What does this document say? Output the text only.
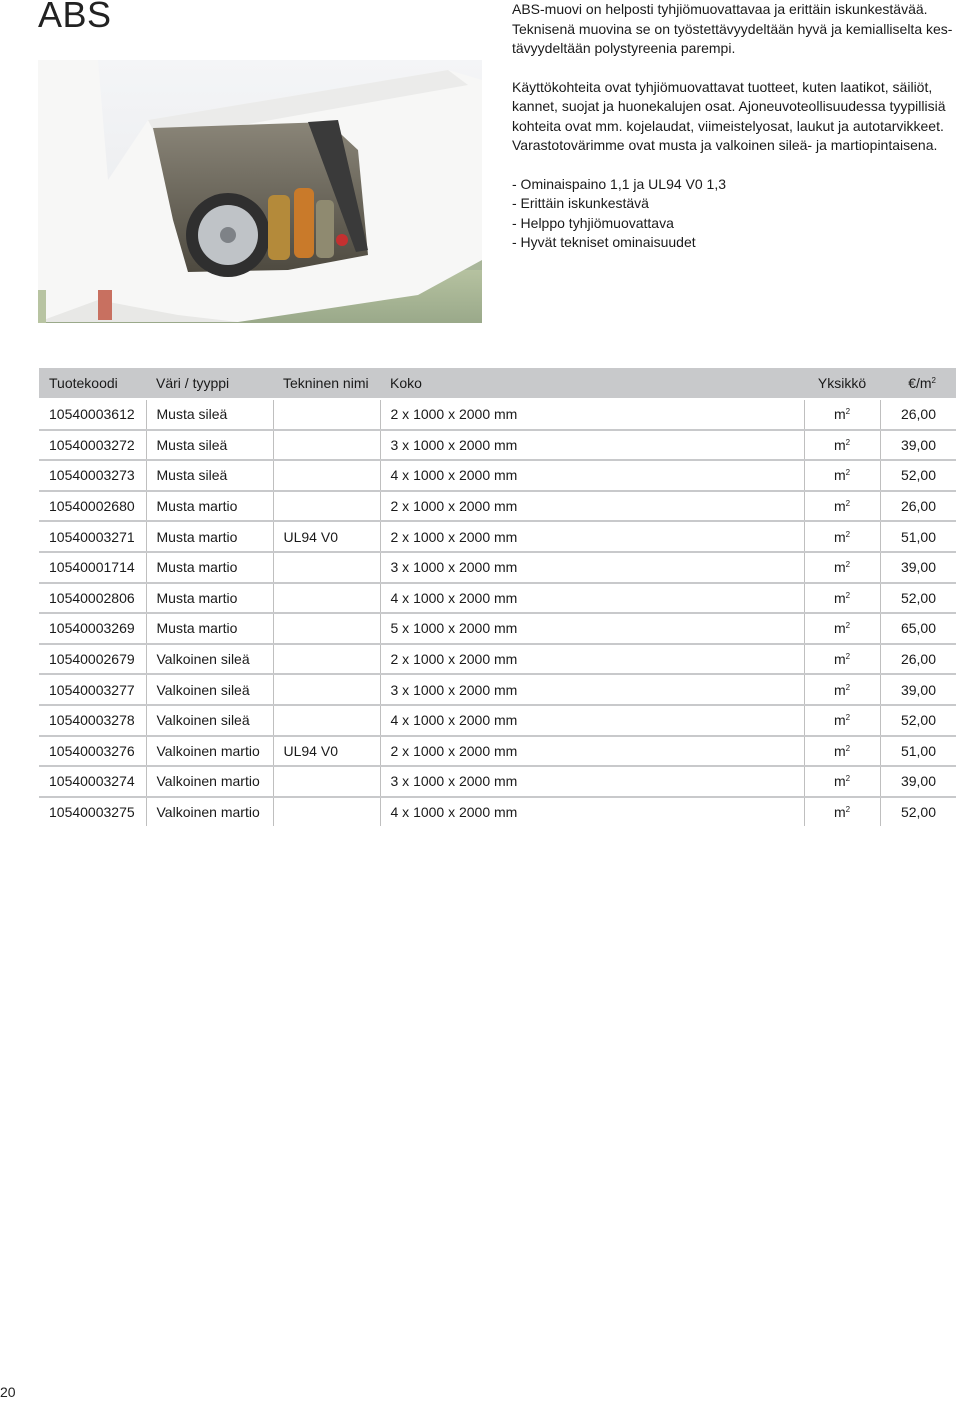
ABS	ABS-muovi on helposti tyhjiömuovattavaa ja erittäin iskunkestävää.
Teknisenä muovina se on työstettävyydeltään hyvä ja kemialliselta kes-
tävyydeltään polystyreenia parempi.

Käyttökohteita ovat tyhjiömuovattavat tuotteet, kuten laatikot, säiliöt,
kannet, suojat ja huonekalujen osat. Ajoneuvoteollisuudessa tyypillisiä
kohteita ovat mm. kojelaudat, viimeistelyosat, laukut ja autotarvikkeet.
Varastotovärimme ovat musta ja valkoinen sileä- ja martiopintaisena.

- Ominaispaino 1,1 ja UL94 V0 1,3
- Erittäin iskunkestävä
- Helppo tyhjiömuovattava
- Hyvät tekniset ominaisuudet
Tuotekoodi	Väri / tyyppi	Tekninen nimi	Koko	Yksikkö	$€/m^2$
10540003612	Musta sileä		2 x 1000 x 2000 mm	$m^2$	26,00
10540003272	Musta sileä		3 x 1000 x 2000 mm	$m^2$	39,00
10540003273	Musta sileä		4 x 1000 x 2000 mm	$m^2$	52,00
10540002680	Musta martio		2 x 1000 x 2000 mm	$m^2$	26,00
10540003271	Musta martio	UL94 V0	2 x 1000 x 2000 mm	$m^2$	51,00
10540001714	Musta martio		3 x 1000 x 2000 mm	$m^2$	39,00
10540002806	Musta martio		4 x 1000 x 2000 mm	$m^2$	52,00
10540003269	Musta martio		5 x 1000 x 2000 mm	$m^2$	65,00
10540002679	Valkoinen sileä		2 x 1000 x 2000 mm	$m^2$	26,00
10540003277	Valkoinen sileä		3 x 1000 x 2000 mm	$m^2$	39,00
10540003278	Valkoinen sileä		4 x 1000 x 2000 mm	$m^2$	52,00
10540003276	Valkoinen martio	UL94 V0	2 x 1000 x 2000 mm	$m^2$	51,00
10540003274	Valkoinen martio		3 x 1000 x 2000 mm	$m^2$	39,00
10540003275	Valkoinen martio		4 x 1000 x 2000 mm	$m^2$	52,00
20
